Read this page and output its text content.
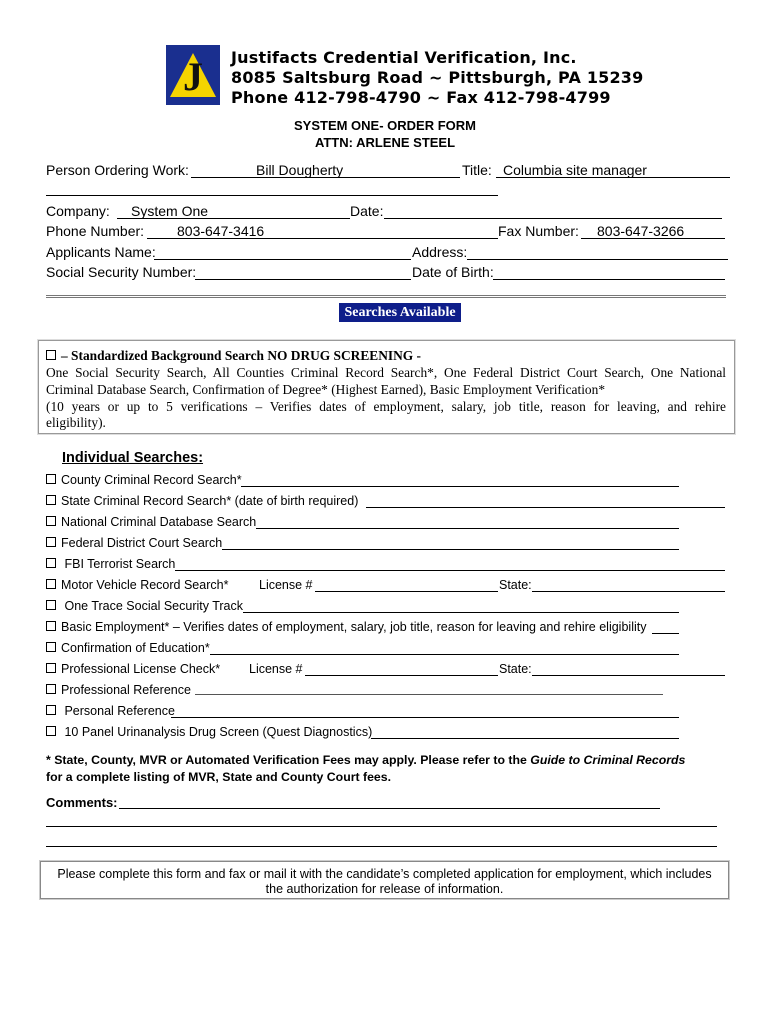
J	Justifacts Credential Verification, Inc.
8085 Saltsburg Road ~ Pittsburgh, PA 15239
Phone 412-798-4790 ~ Fax 412-798-4799
SYSTEM ONE- ORDER FORM
ATTN: ARLENE STEEL
Person Ordering Work:	Bill Dougherty	Title: Columbia site manager
Company: System One	Date:
Phone Number: 803-647-3416	Fax Number: 803-647-3266
Applicants Name:	Address:
Social Security Number:	Date of Birth:
Searches Available
– Standardized Background Search NO DRUG SCREENING -
One Social Security Search, All Counties Criminal Record Search*, One Federal District Court Search, One National
Criminal Database Search, Confirmation of Degree* (Highest Earned), Basic Employment Verification*
(10 years or up to 5 verifications – Verifies dates of employment, salary, job title, reason for leaving, and rehire
eligibility).
Individual Searches:
County Criminal Record Search*
State Criminal Record Search* (date of birth required)
National Criminal Database Search
Federal District Court Search
FBI Terrorist Search
Motor Vehicle Record Search* License #	State:
One Trace Social Security Track
Basic Employment* – Verifies dates of employment, salary, job title, reason for leaving and rehire eligibility
Confirmation of Education*
Professional License Check* License #	State:
Professional Reference
Personal Reference
10 Panel Urinanalysis Drug Screen (Quest Diagnostics)
* State, County, MVR or Automated Verification Fees may apply. Please refer to the Guide to Criminal Records for a complete listing of MVR, State and County Court fees.
Comments:
Please complete this form and fax or mail it with the candidate’s completed application for employment, which includes
the authorization for release of information.
